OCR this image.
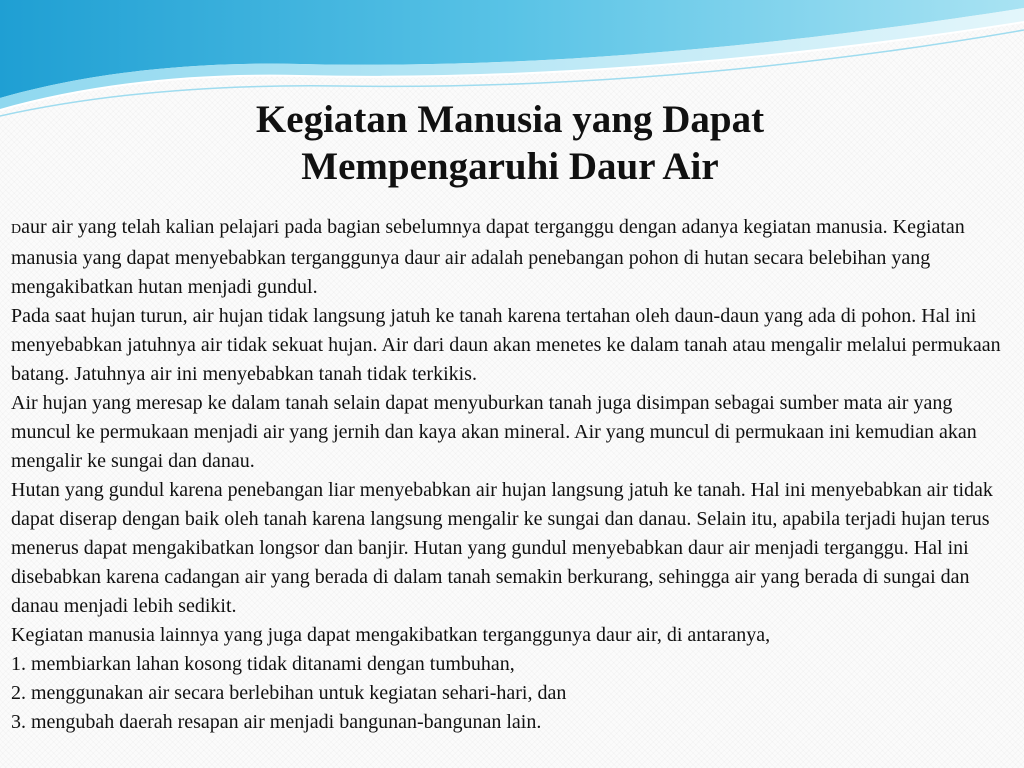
Kegiatan Manusia yang Dapat
Mempengaruhi Daur Air

Daur air yang telah kalian pelajari pada bagian sebelumnya dapat terganggu dengan adanya kegiatan manusia. Kegiatan manusia yang dapat menyebabkan terganggunya daur air adalah penebangan pohon di hutan secara belebihan yang mengakibatkan hutan menjadi gundul.

Pada saat hujan turun, air hujan tidak langsung jatuh ke tanah karena tertahan oleh daun-daun yang ada di pohon. Hal ini menyebabkan jatuhnya air tidak sekuat hujan. Air dari daun akan menetes ke dalam tanah atau mengalir melalui permukaan batang. Jatuhnya air ini menyebabkan tanah tidak terkikis.

Air hujan yang meresap ke dalam tanah selain dapat menyuburkan tanah juga disimpan sebagai sumber mata air yang muncul ke permukaan menjadi air yang jernih dan kaya akan mineral. Air yang muncul di permukaan ini kemudian akan mengalir ke sungai dan danau.

Hutan yang gundul karena penebangan liar menyebabkan air hujan langsung jatuh ke tanah. Hal ini menyebabkan air tidak dapat diserap dengan baik oleh tanah karena langsung mengalir ke sungai dan danau. Selain itu, apabila terjadi hujan terus menerus dapat mengakibatkan longsor dan banjir. Hutan yang gundul menyebabkan daur air menjadi terganggu. Hal ini disebabkan karena cadangan air yang berada di dalam tanah semakin berkurang, sehingga air yang berada di sungai dan danau menjadi lebih sedikit.

Kegiatan manusia lainnya yang juga dapat mengakibatkan terganggunya daur air, di antaranya,

1. membiarkan lahan kosong tidak ditanami dengan tumbuhan,

2. menggunakan air secara berlebihan untuk kegiatan sehari-hari, dan

3. mengubah daerah resapan air menjadi bangunan-bangunan lain.
